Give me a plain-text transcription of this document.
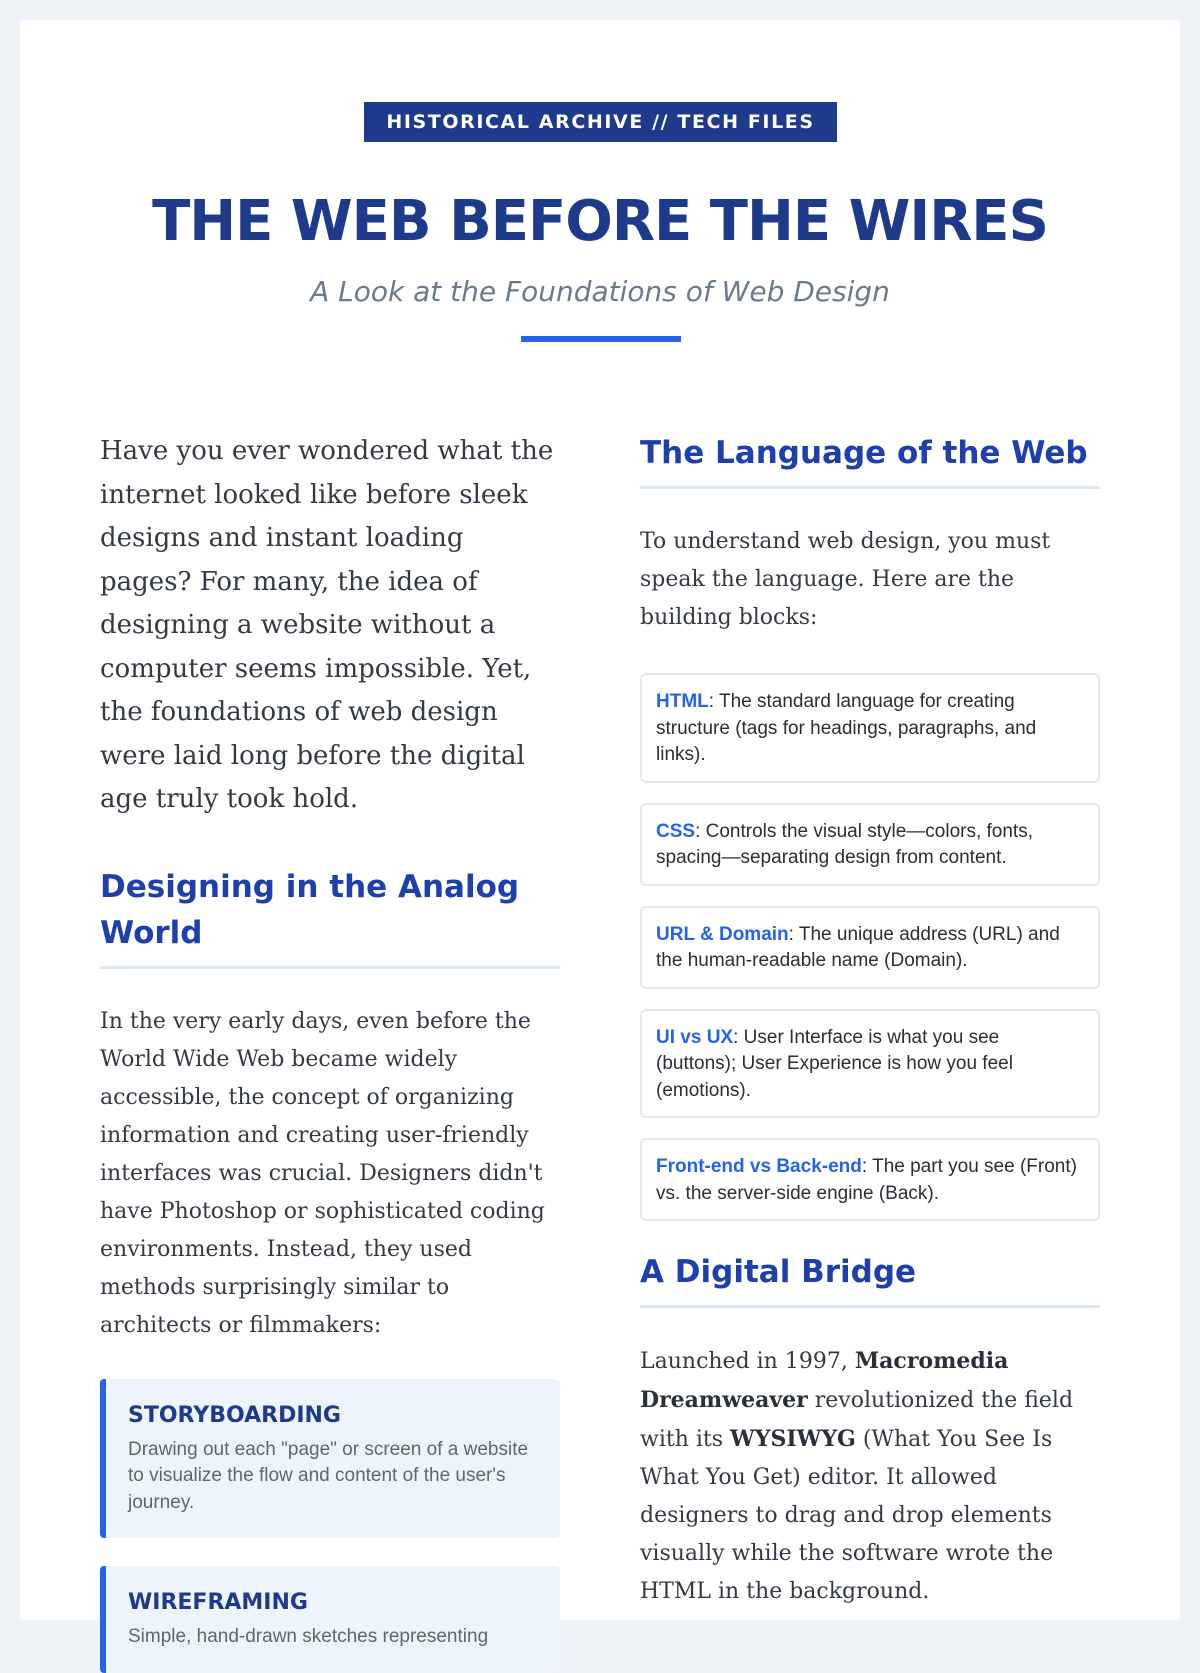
HISTORICAL ARCHIVE // TECH FILES
THE WEB BEFORE THE WIRES
A Look at the Foundations of Web Design

Have you ever wondered what the internet looked like before sleek designs and instant loading pages? For many, the idea of designing a website without a computer seems impossible. Yet, the foundations of web design were laid long before the digital age truly took hold.

Designing in the Analog World

In the very early days, even before the World Wide Web became widely accessible, the concept of organizing information and creating user-friendly interfaces was crucial. Designers didn't have Photoshop or sophisticated coding environments. Instead, they used methods surprisingly similar to architects or filmmakers:

STORYBOARDING
Drawing out each "page" or screen of a website to visualize the flow and content of the user's journey.
WIREFRAMING
Simple, hand-drawn sketches representing
The Language of the Web

To understand web design, you must speak the language. Here are the building blocks:

HTML: The standard language for creating structure (tags for headings, paragraphs, and links).
CSS: Controls the visual style—colors, fonts, spacing—separating design from content.
URL & Domain: The unique address (URL) and the human-readable name (Domain).
UI vs UX: User Interface is what you see (buttons); User Experience is how you feel (emotions).
Front-end vs Back-end: The part you see (Front) vs. the server-side engine (Back).
A Digital Bridge

Launched in 1997, Macromedia Dreamweaver revolutionized the field with its WYSIWYG (What You See Is What You Get) editor. It allowed designers to drag and drop elements visually while the software wrote the HTML in the background.
